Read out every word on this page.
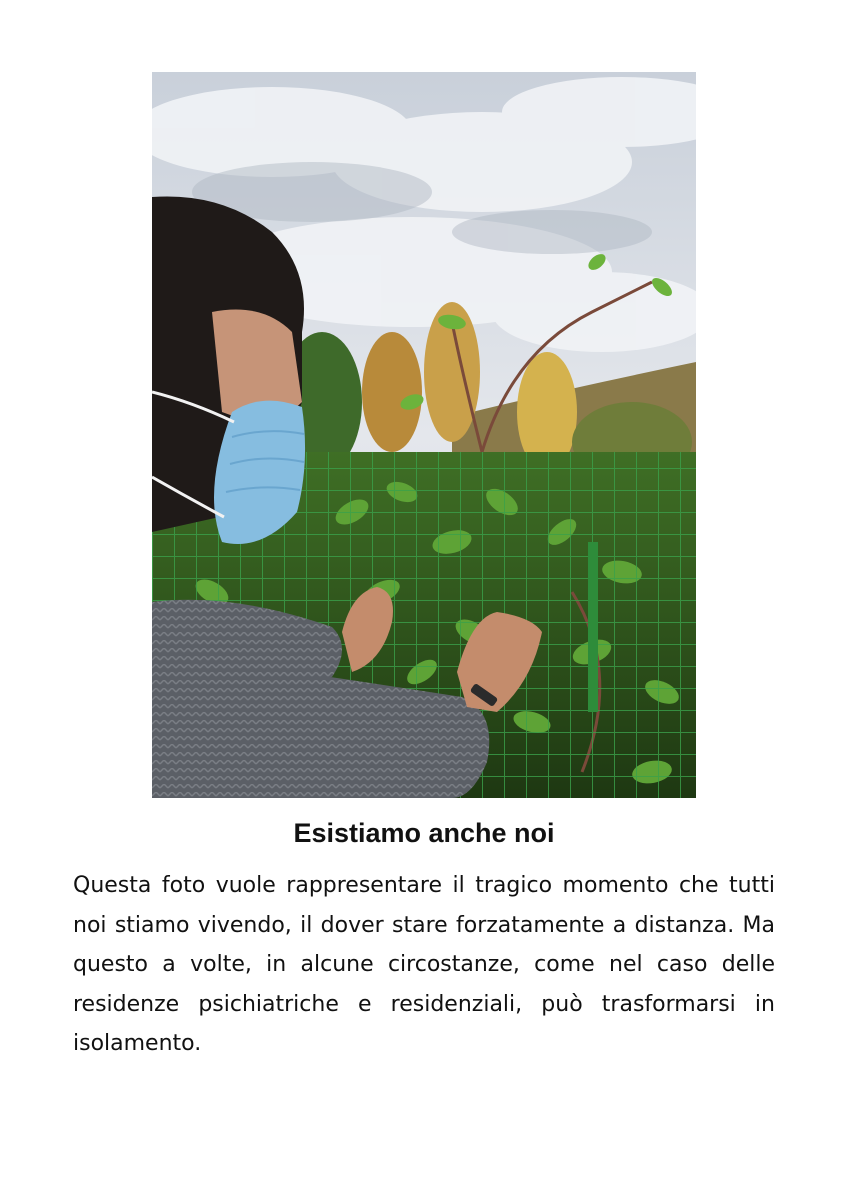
Esistiamo anche noi

Questa foto vuole rappresentare il tragico momento che tutti noi stiamo vivendo, il dover stare forzatamente a distanza. Ma questo a volte, in alcune circostanze, come nel caso delle residenze psichiatriche e residenziali, può trasformarsi in isolamento.
